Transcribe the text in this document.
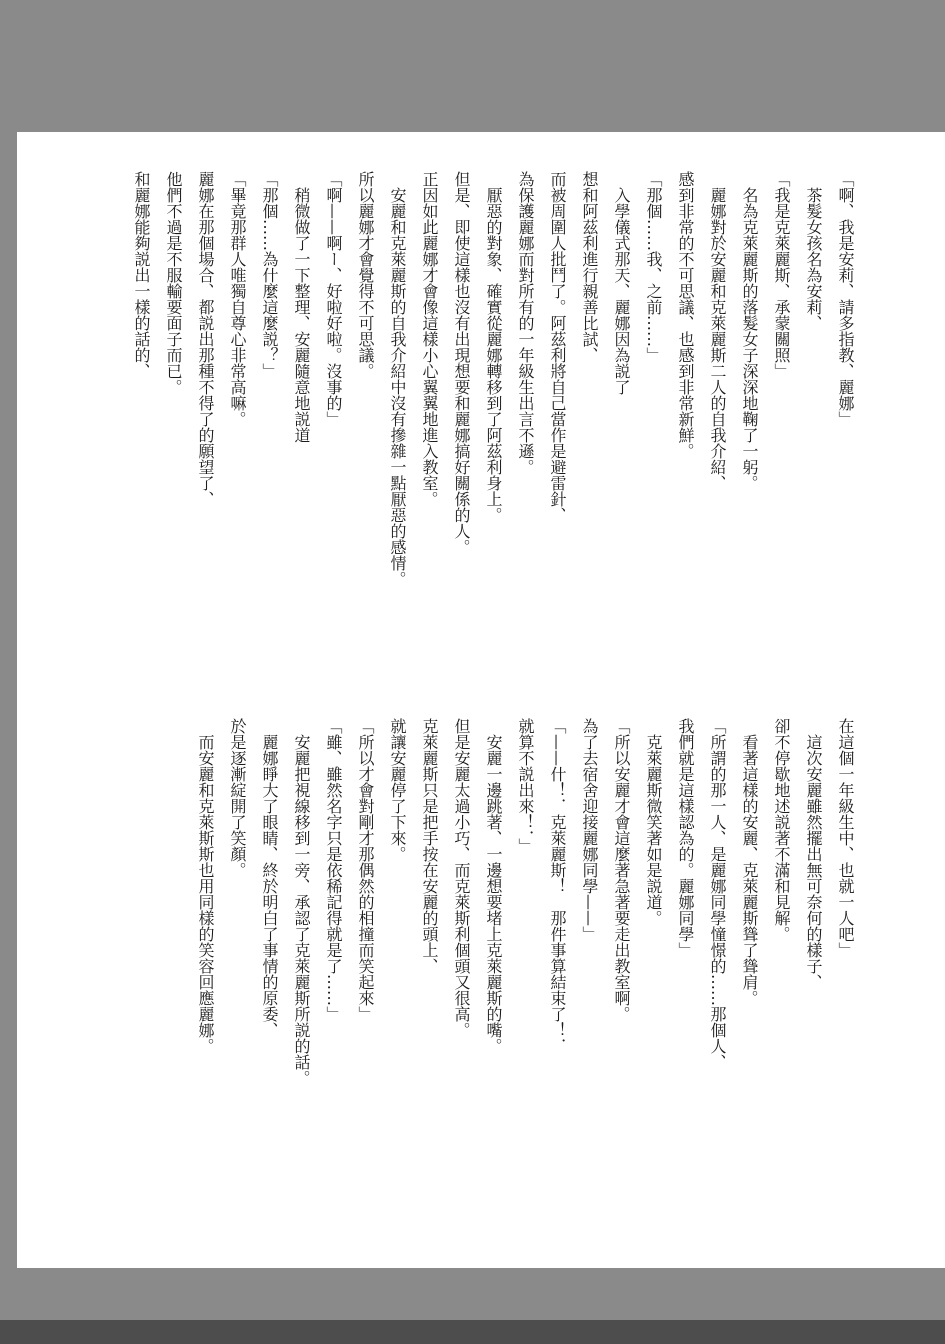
「啊、我是安莉、請多指教、麗娜」
茶髮女孩名為安莉、
「我是克萊麗斯、承蒙關照」
名為克萊麗斯的落髮女子深深地鞠了一躬。
麗娜對於安麗和克萊麗斯二人的自我介紹、
感到非常的不可思議、也感到非常新鮮。
「那個……我、之前……」
入學儀式那天、麗娜因為説了
想和阿茲利進行親善比試、
而被周圍人批鬥了。阿茲利將自己當作是避雷針、
為保護麗娜而對所有的一年級生出言不遜。
厭惡的對象、確實從麗娜轉移到了阿茲利身上。
但是、即使這樣也沒有出現想要和麗娜搞好關係的人。
正因如此麗娜才會像這樣小心翼翼地進入教室。
安麗和克萊麗斯的自我介紹中沒有摻雜一點厭惡的感情。
所以麗娜才會覺得不可思議。
「啊——啊ー、好啦好啦。沒事的」
稍微做了一下整理、安麗隨意地説道
「那個……為什麼這麼説？」
「畢竟那群人唯獨自尊心非常高嘛。
麗娜在那個場合、都説出那種不得了的願望了、
他們不過是不服輸要面子而已。
和麗娜能夠説出一樣的話的、
在這個一年級生中、也就一人吧」
這次安麗雖然擺出無可奈何的樣子、
卻不停歇地述説著不滿和見解。
看著這樣的安麗、克萊麗斯聳了聳肩。
「所謂的那一人、是麗娜同學憧憬的……那個人、
我們就是這樣認為的。麗娜同學」
克萊麗斯微笑著如是説道。
「所以安麗才會這麼著急著要走出教室啊。
為了去宿舍迎接麗娜同學——」
「——什！．克萊麗斯！　那件事算結束了！．
就算不説出來！．」
安麗一邊跳著、一邊想要堵上克萊麗斯的嘴。
但是安麗太過小巧、而克萊斯利個頭又很高。
克萊麗斯只是把手按在安麗的頭上、
就讓安麗停了下來。
「所以才會對剛才那偶然的相撞而笑起來」
「雖、雖然名字只是依稀記得就是了……」
安麗把視線移到一旁、承認了克萊麗斯所説的話。
麗娜睜大了眼睛、終於明白了事情的原委、
於是逐漸綻開了笑顏。
而安麗和克萊斯斯也用同樣的笑容回應麗娜。
